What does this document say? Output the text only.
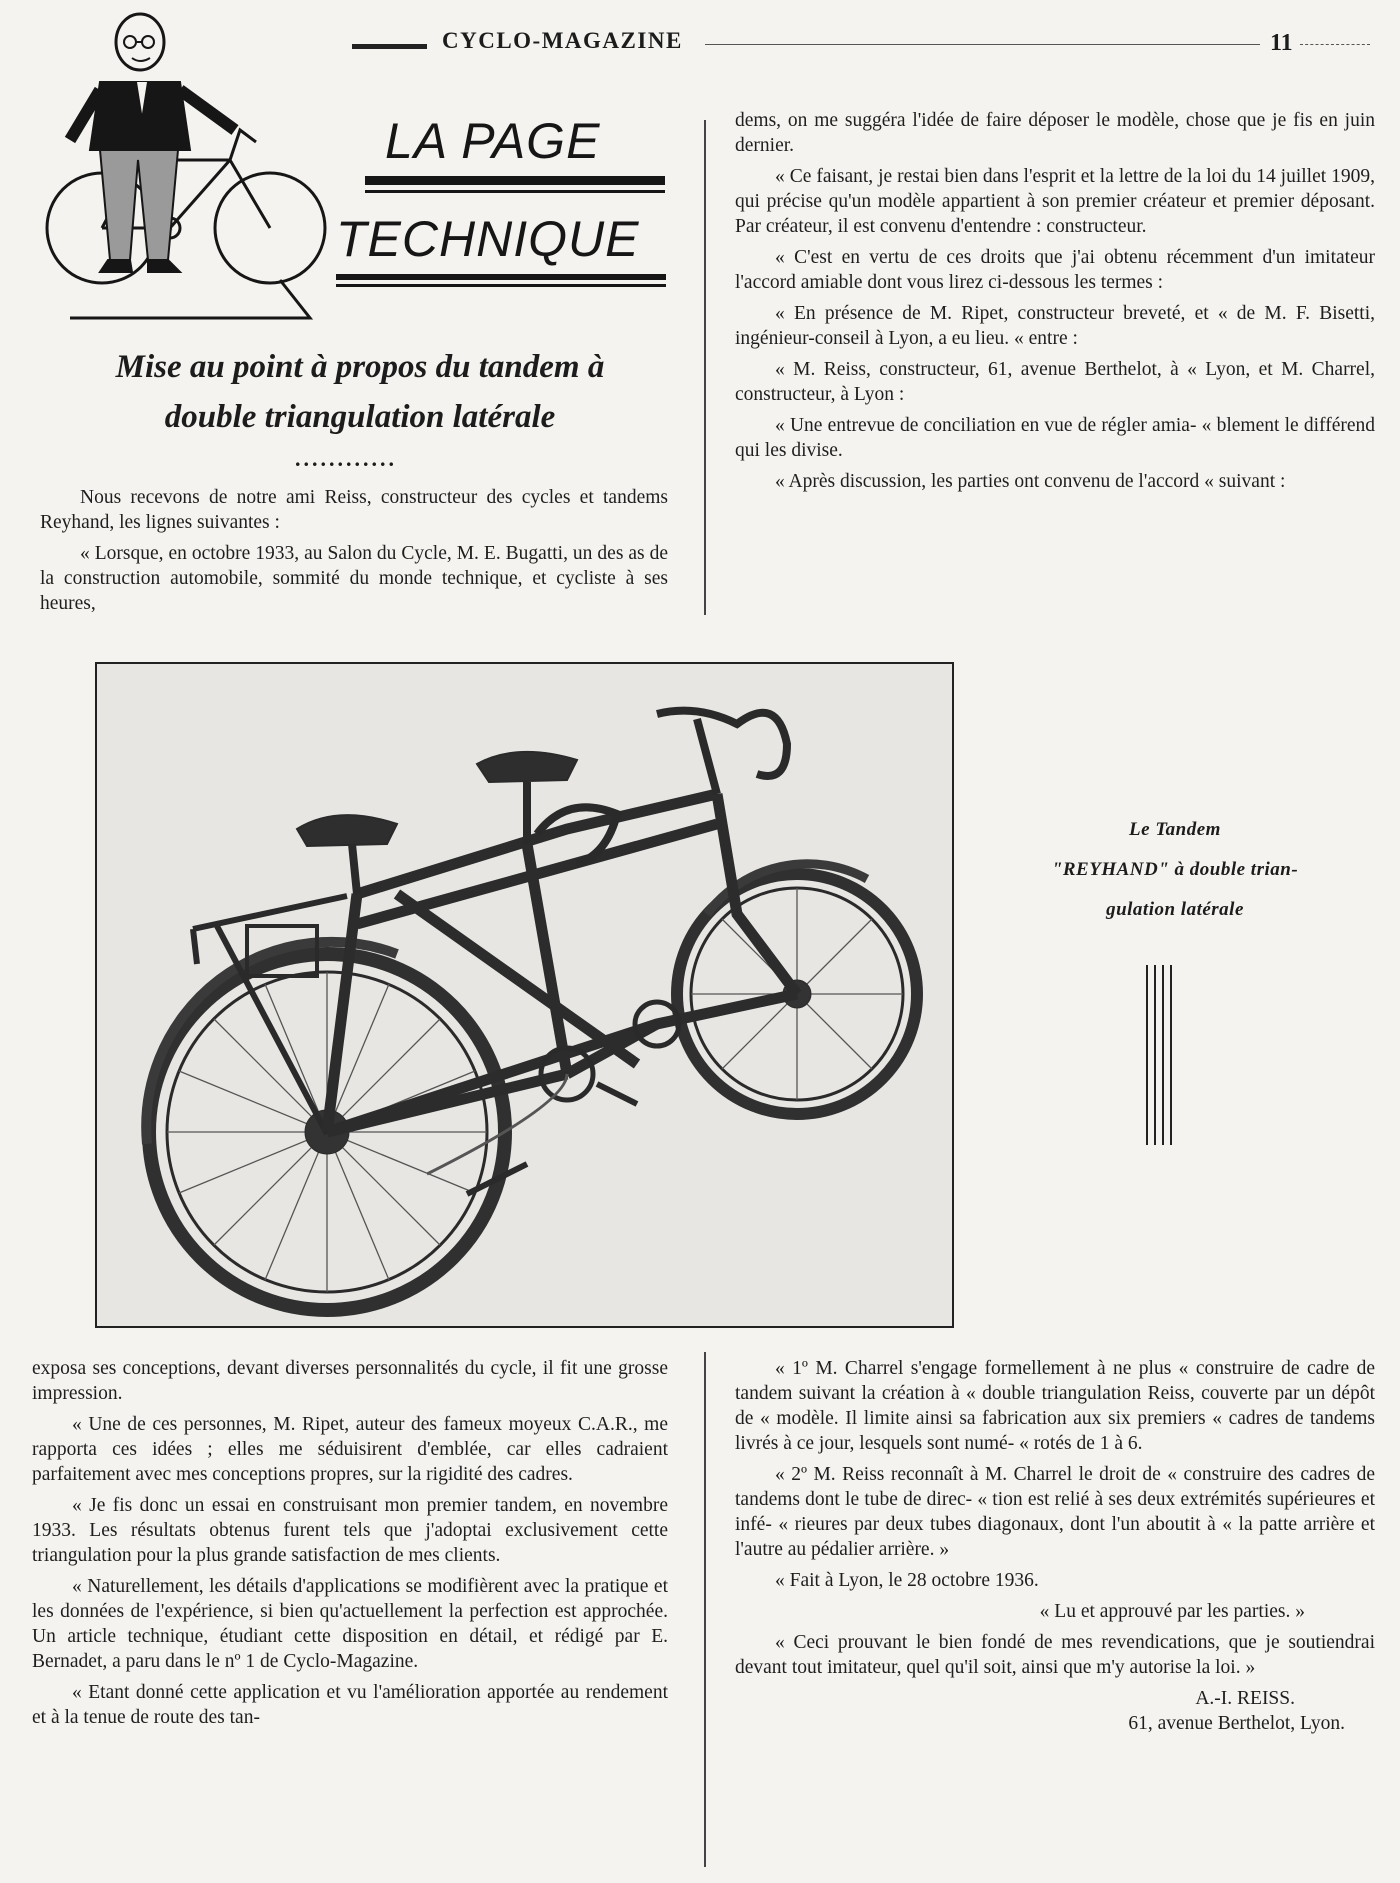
CYCLO-MAGAZINE	11
LA PAGE
TECHNIQUE
Mise au point à propos du tandem à
double triangulation latérale
............

Nous recevons de notre ami Reiss, constructeur des cycles et tandems Reyhand, les lignes suivantes :

« Lorsque, en octobre 1933, au Salon du Cycle, M. E. Bugatti, un des as de la construction automobile, sommité du monde technique, et cycliste à ses heures,

dems, on me suggéra l'idée de faire déposer le modèle, chose que je fis en juin dernier.

« Ce faisant, je restai bien dans l'esprit et la lettre de la loi du 14 juillet 1909, qui précise qu'un modèle appartient à son premier créateur et premier déposant. Par créateur, il est convenu d'entendre : constructeur.

« C'est en vertu de ces droits que j'ai obtenu récemment d'un imitateur l'accord amiable dont vous lirez ci-dessous les termes :

« En présence de M. Ripet, constructeur breveté, et « de M. F. Bisetti, ingénieur-conseil à Lyon, a eu lieu. « entre :

« M. Reiss, constructeur, 61, avenue Berthelot, à « Lyon, et M. Charrel, constructeur, à Lyon :

« Une entrevue de conciliation en vue de régler amia- « blement le différend qui les divise.

« Après discussion, les parties ont convenu de l'accord « suivant :

Le Tandem
"REYHAND" à double trian-
gulation latérale

exposa ses conceptions, devant diverses personnalités du cycle, il fit une grosse impression.

« Une de ces personnes, M. Ripet, auteur des fameux moyeux C.A.R., me rapporta ces idées ; elles me séduisirent d'emblée, car elles cadraient parfaitement avec mes conceptions propres, sur la rigidité des cadres.

« Je fis donc un essai en construisant mon premier tandem, en novembre 1933. Les résultats obtenus furent tels que j'adoptai exclusivement cette triangulation pour la plus grande satisfaction de mes clients.

« Naturellement, les détails d'applications se modifièrent avec la pratique et les données de l'expérience, si bien qu'actuellement la perfection est approchée. Un article technique, étudiant cette disposition en détail, et rédigé par E. Bernadet, a paru dans le nº 1 de Cyclo-Magazine.

« Etant donné cette application et vu l'amélioration apportée au rendement et à la tenue de route des tan-

« 1º M. Charrel s'engage formellement à ne plus « construire de cadre de tandem suivant la création à « double triangulation Reiss, couverte par un dépôt de « modèle. Il limite ainsi sa fabrication aux six premiers « cadres de tandems livrés à ce jour, lesquels sont numé- « rotés de 1 à 6.

« 2º M. Reiss reconnaît à M. Charrel le droit de « construire des cadres de tandems dont le tube de direc- « tion est relié à ses deux extrémités supérieures et infé- « rieures par deux tubes diagonaux, dont l'un aboutit à « la patte arrière et l'autre au pédalier arrière. »

« Fait à Lyon, le 28 octobre 1936.

« Lu et approuvé par les parties. »

« Ceci prouvant le bien fondé de mes revendications, que je soutiendrai devant tout imitateur, quel qu'il soit, ainsi que m'y autorise la loi. »

A.-I. REISS.

61, avenue Berthelot, Lyon.
